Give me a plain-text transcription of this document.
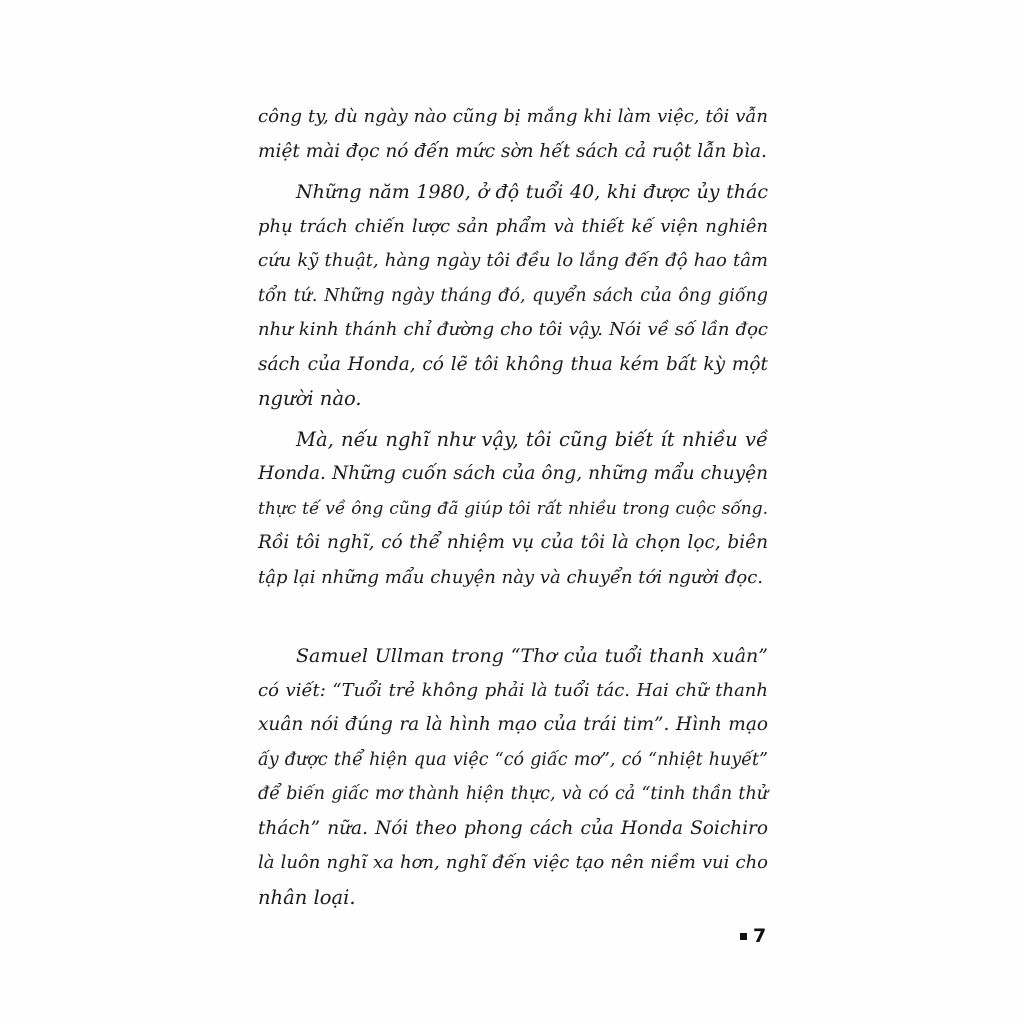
công ty, dù ngày nào cũng bị mắng khi làm việc, tôi vẫn
miệt mài đọc nó đến mức sờn hết sách cả ruột lẫn bìa.
Những năm 1980, ở độ tuổi 40, khi được ủy thác
phụ trách chiến lược sản phẩm và thiết kế viện nghiên
cứu kỹ thuật, hàng ngày tôi đều lo lắng đến độ hao tâm
tổn tứ. Những ngày tháng đó, quyển sách của ông giống
như kinh thánh chỉ đường cho tôi vậy. Nói về số lần đọc
sách của Honda, có lẽ tôi không thua kém bất kỳ một
người nào.
Mà, nếu nghĩ như vậy, tôi cũng biết ít nhiều về
Honda. Những cuốn sách của ông, những mẩu chuyện
thực tế về ông cũng đã giúp tôi rất nhiều trong cuộc sống.
Rồi tôi nghĩ, có thể nhiệm vụ của tôi là chọn lọc, biên
tập lại những mẩu chuyện này và chuyển tới người đọc.
Samuel Ullman trong “Thơ của tuổi thanh xuân”
có viết: “Tuổi trẻ không phải là tuổi tác. Hai chữ thanh
xuân nói đúng ra là hình mạo của trái tim”. Hình mạo
ấy được thể hiện qua việc “có giấc mơ”, có “nhiệt huyết”
để biến giấc mơ thành hiện thực, và có cả “tinh thần thử
thách” nữa. Nói theo phong cách của Honda Soichiro
là luôn nghĩ xa hơn, nghĩ đến việc tạo nên niềm vui cho
nhân loại.
7
